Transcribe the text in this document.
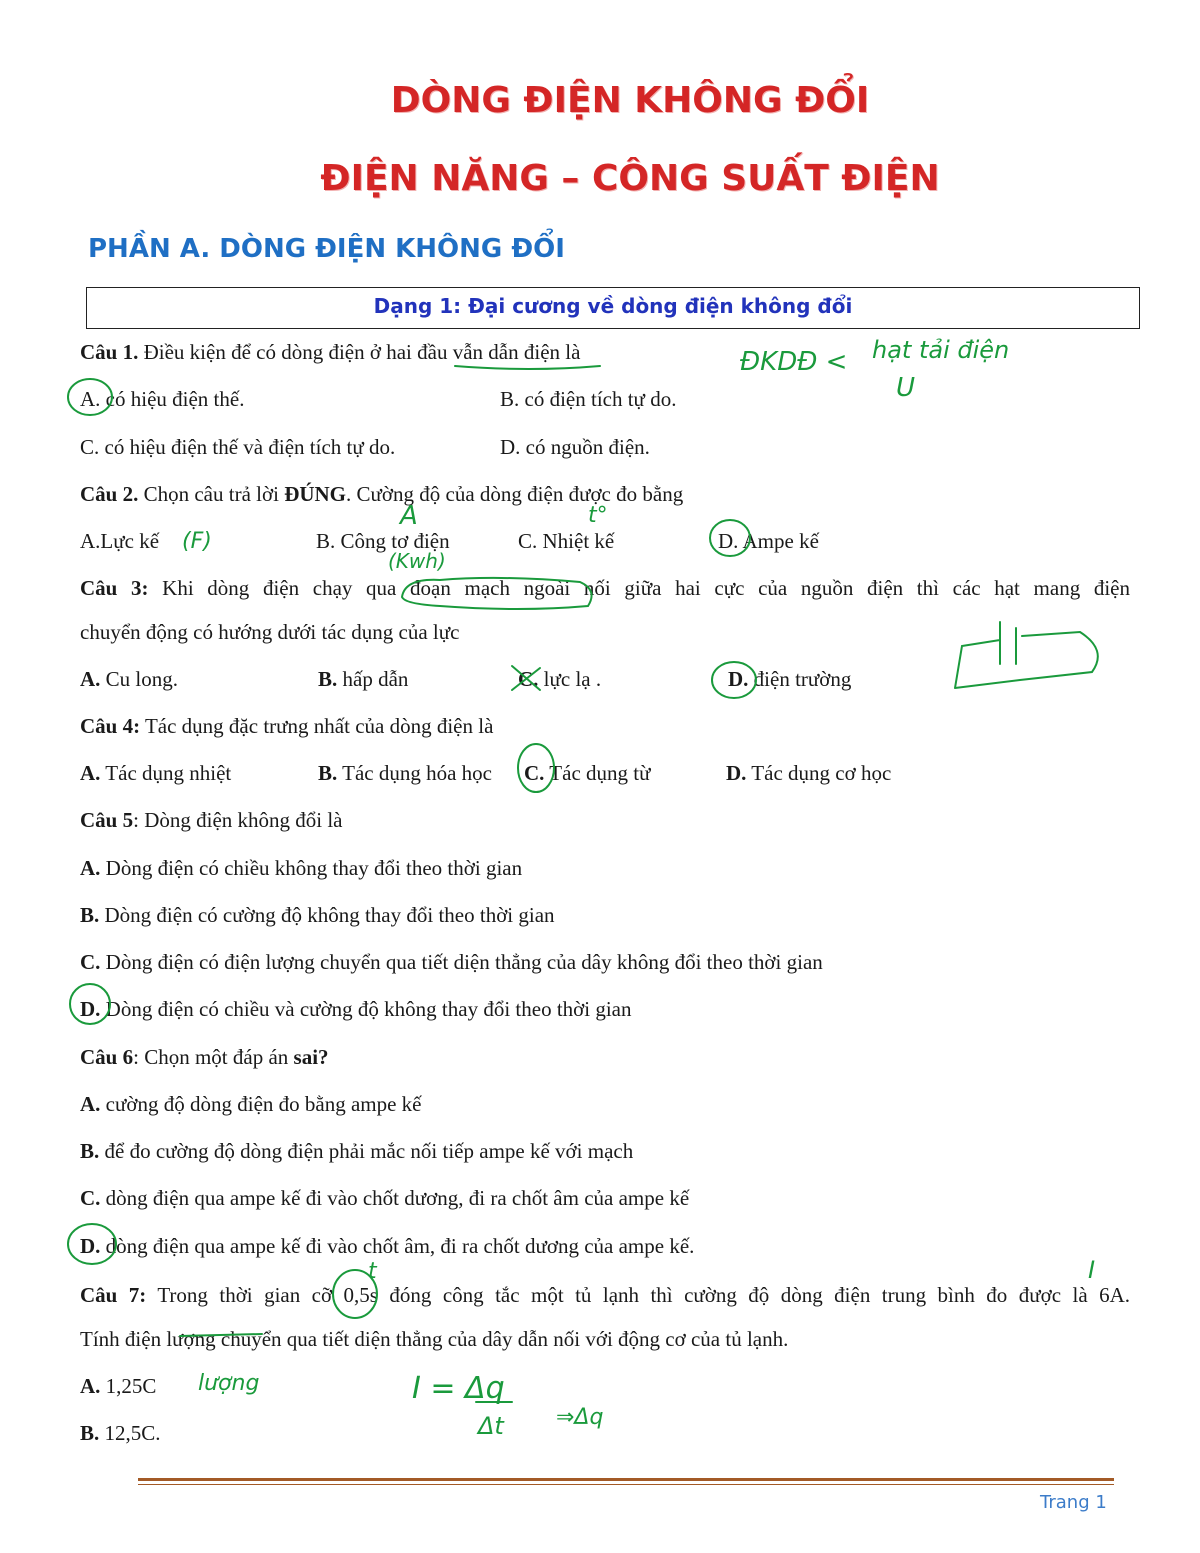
DÒNG ĐIỆN KHÔNG ĐỔI
ĐIỆN NĂNG – CÔNG SUẤT ĐIỆN
PHẦN A. DÒNG ĐIỆN KHÔNG ĐỔI
Dạng 1: Đại cương về dòng điện không đổi
Câu 1. Điều kiện để có dòng điện ở hai đầu vẫn dẫn điện là
A. có hiệu điện thế.	B. có điện tích tự do.
C. có hiệu điện thế và điện tích tự do.	D. có nguồn điện.
Câu 2. Chọn câu trả lời ĐÚNG. Cường độ của dòng điện được đo bằng
A.Lực kế	B. Công tơ điện	C. Nhiệt kế	D. Ampe kế
Câu 3: Khi dòng điện chạy qua đoạn mạch ngoài nối giữa hai cực của nguồn điện thì các hạt mang điện
chuyển động có hướng dưới tác dụng của lực
A. Cu long.	B. hấp dẫn	C. lực lạ .	D. điện trường
Câu 4: Tác dụng đặc trưng nhất của dòng điện là
A. Tác dụng nhiệt	B. Tác dụng hóa học C. Tác dụng từ	D. Tác dụng cơ học
Câu 5: Dòng điện không đổi là
A. Dòng điện có chiều không thay đổi theo thời gian
B. Dòng điện có cường độ không thay đổi theo thời gian
C. Dòng điện có điện lượng chuyển qua tiết diện thẳng của dây không đổi theo thời gian
D. Dòng điện có chiều và cường độ không thay đổi theo thời gian
Câu 6: Chọn một đáp án sai?
A. cường độ dòng điện đo bằng ampe kế
B. để đo cường độ dòng điện phải mắc nối tiếp ampe kế với mạch
C. dòng điện qua ampe kế đi vào chốt dương, đi ra chốt âm của ampe kế
D. dòng điện qua ampe kế đi vào chốt âm, đi ra chốt dương của ampe kế.
Câu 7: Trong thời gian cỡ 0,5s đóng công tắc một tủ lạnh thì cường độ dòng điện trung bình đo được là 6A.
Tính điện lượng chuyển qua tiết diện thẳng của dây dẫn nối với động cơ của tủ lạnh.
A. 1,25C
B. 12,5C.
ĐKDĐ < hạt tải điện
U
A
(Kwh)
(F)
t°
t	I
lượng	I = Δq
Δt ⇒Δq
Trang 1
